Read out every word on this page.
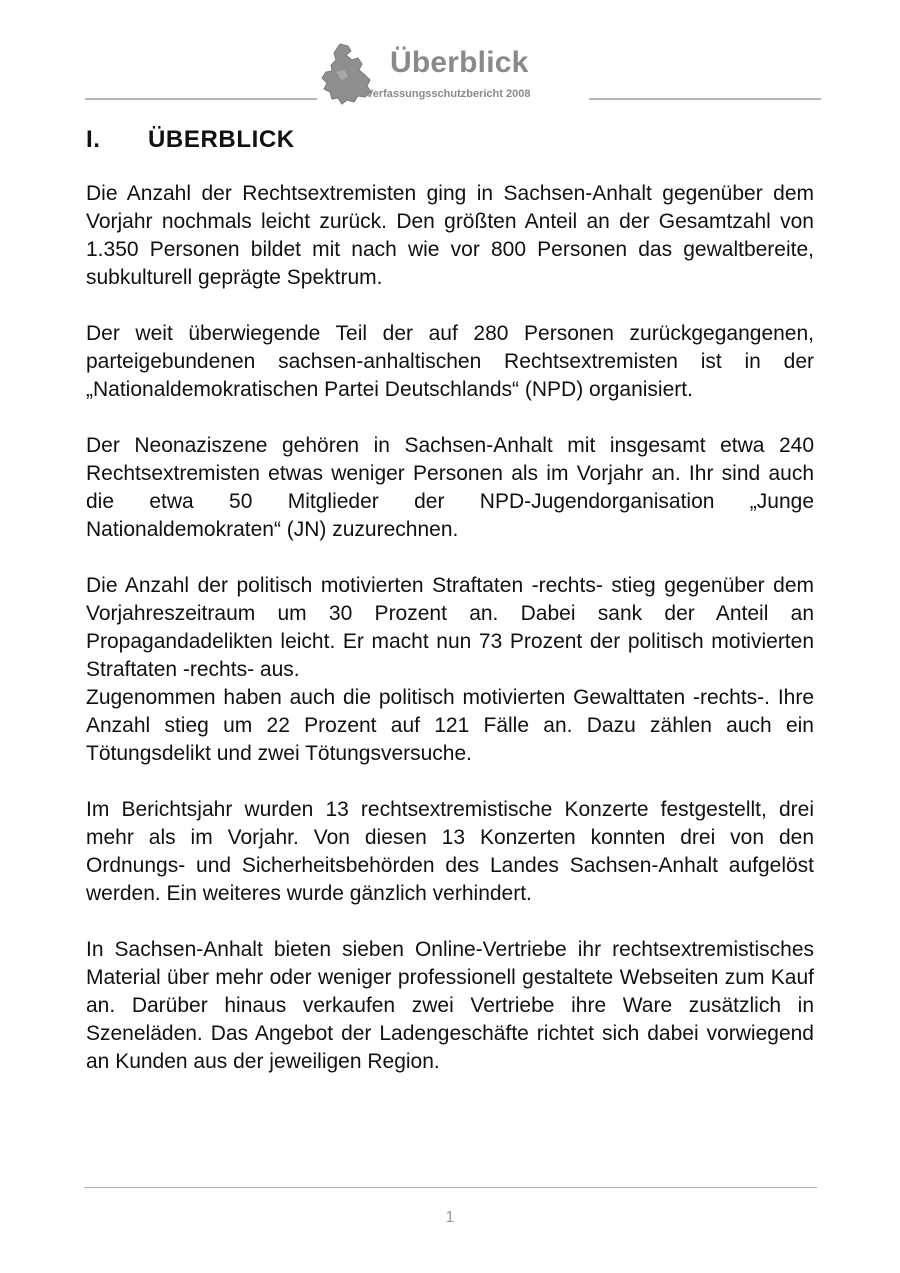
Überblick
Verfassungsschutzbericht 2008
I. ÜBERBLICK

Die Anzahl der Rechtsextremisten ging in Sachsen-Anhalt gegenüber dem Vorjahr nochmals leicht zurück. Den größten Anteil an der Gesamtzahl von 1.350 Personen bildet mit nach wie vor 800 Personen das gewaltbereite, subkulturell geprägte Spektrum.

Der weit überwiegende Teil der auf 280 Personen zurückgegangenen, parteigebundenen sachsen-anhaltischen Rechtsextremisten ist in der „Nationaldemokratischen Partei Deutschlands“ (NPD) organisiert.

Der Neonaziszene gehören in Sachsen-Anhalt mit insgesamt etwa 240 Rechtsextremisten etwas weniger Personen als im Vorjahr an. Ihr sind auch die etwa 50 Mitglieder der NPD-Jugendorganisation „Junge Nationaldemokraten“ (JN) zuzurechnen.

Die Anzahl der politisch motivierten Straftaten -rechts- stieg gegenüber dem Vorjahreszeitraum um 30 Prozent an. Dabei sank der Anteil an Propagandadelikten leicht. Er macht nun 73 Prozent der politisch motivierten Straftaten -rechts- aus.

Zugenommen haben auch die politisch motivierten Gewalttaten -rechts-. Ihre Anzahl stieg um 22 Prozent auf 121 Fälle an. Dazu zählen auch ein Tötungsdelikt und zwei Tötungsversuche.

Im Berichtsjahr wurden 13 rechtsextremistische Konzerte festgestellt, drei mehr als im Vorjahr. Von diesen 13 Konzerten konnten drei von den Ordnungs- und Sicherheitsbehörden des Landes Sachsen-Anhalt aufgelöst werden. Ein weiteres wurde gänzlich verhindert.

In Sachsen-Anhalt bieten sieben Online-Vertriebe ihr rechtsextremistisches Material über mehr oder weniger professionell gestaltete Webseiten zum Kauf an. Darüber hinaus verkaufen zwei Vertriebe ihre Ware zusätzlich in Szeneläden. Das Angebot der Ladengeschäfte richtet sich dabei vorwiegend an Kunden aus der jeweiligen Region.

1
